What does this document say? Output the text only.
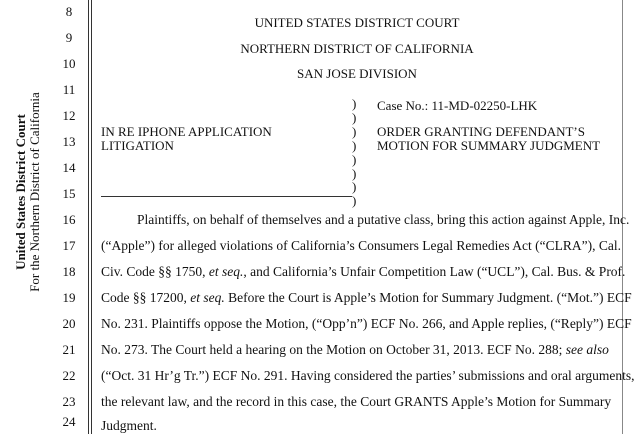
United States District Court For the Northern District of California
8
9
10
11
12
13
14
15
16
17
18
19
20
21
22
23
24
UNITED STATES DISTRICT COURT
NORTHERN DISTRICT OF CALIFORNIA
SAN JOSE DIVISION
IN RE IPHONE APPLICATION
LITIGATION
)
)
)
)
)
)
)
)
Case No.: 11-MD-02250-LHK
ORDER GRANTING DEFENDANT’S
MOTION FOR SUMMARY JUDGMENT
Plaintiffs, on behalf of themselves and a putative class, bring this action against Apple, Inc.
(“Apple”) for alleged violations of California’s Consumers Legal Remedies Act (“CLRA”), Cal.
Civ. Code §§ 1750, et seq., and California’s Unfair Competition Law (“UCL”), Cal. Bus. & Prof.
Code §§ 17200, et seq. Before the Court is Apple’s Motion for Summary Judgment. (“Mot.”) ECF
No. 231. Plaintiffs oppose the Motion, (“Opp’n”) ECF No. 266, and Apple replies, (“Reply”) ECF
No. 273. The Court held a hearing on the Motion on October 31, 2013. ECF No. 288; see also
(“Oct. 31 Hr’g Tr.”) ECF No. 291. Having considered the parties’ submissions and oral arguments,
the relevant law, and the record in this case, the Court GRANTS Apple’s Motion for Summary
Judgment.
